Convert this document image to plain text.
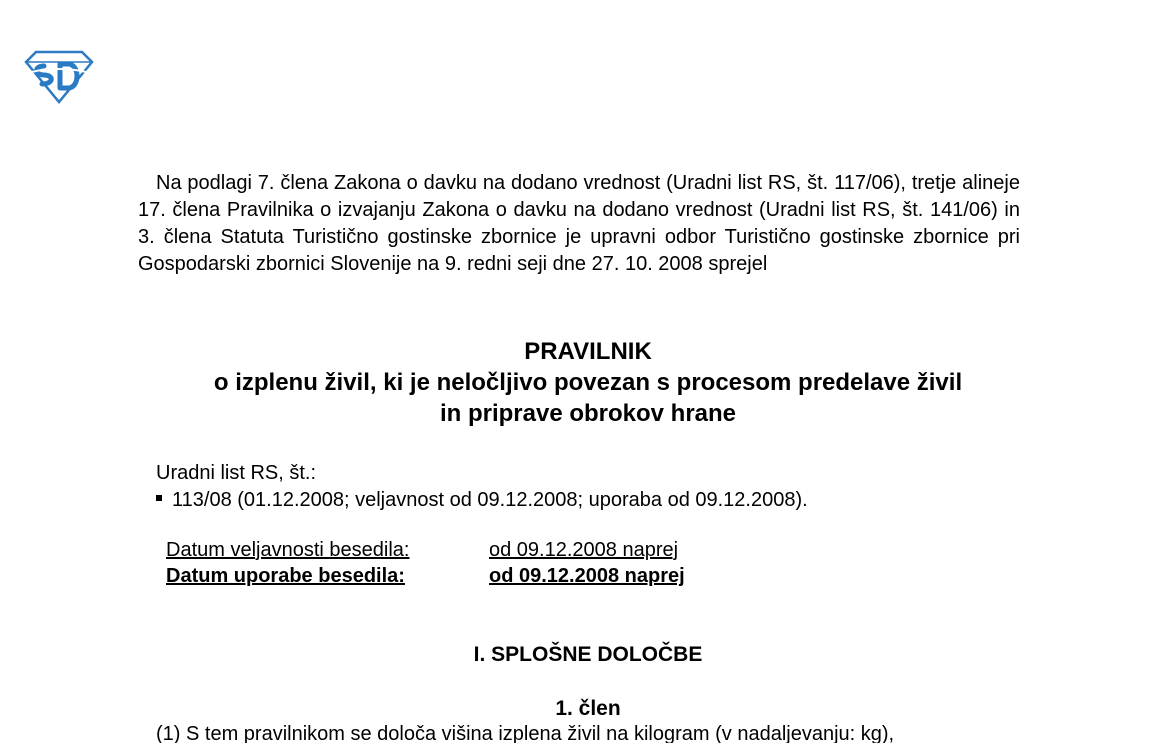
Na podlagi 7. člena Zakona o davku na dodano vrednost (Uradni list RS, št. 117/06), tretje alineje 17. člena Pravilnika o izvajanju Zakona o davku na dodano vrednost (Uradni list RS, št. 141/06) in 3. člena Statuta Turistično gostinske zbornice je upravni odbor Turistično gostinske zbornice pri Gospodarski zbornici Slovenije na 9. redni seji dne 27. 10. 2008 sprejel

PRAVILNIK
o izplenu živil, ki je neločljivo povezan s procesom predelave živil
in priprave obrokov hrane
Uradni list RS, št.:
113/08 (01.12.2008; veljavnost od 09.12.2008; uporaba od 09.12.2008).
Datum veljavnosti besedila:	od 09.12.2008 naprej
Datum uporabe besedila:	od 09.12.2008 naprej
I. SPLOŠNE DOLOČBE
1. člen
(1) S tem pravilnikom se določa višina izplena živil na kilogram (v nadaljevanju: kg),
